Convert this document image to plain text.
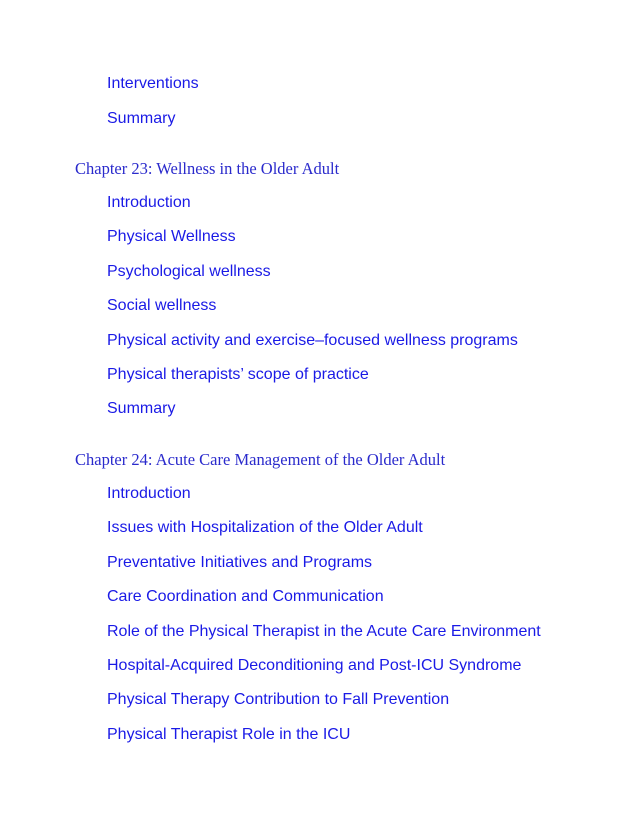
Interventions
Summary
Chapter 23: Wellness in the Older Adult
Introduction
Physical Wellness
Psychological wellness
Social wellness
Physical activity and exercise–focused wellness programs
Physical therapists’ scope of practice
Summary
Chapter 24: Acute Care Management of the Older Adult
Introduction
Issues with Hospitalization of the Older Adult
Preventative Initiatives and Programs
Care Coordination and Communication
Role of the Physical Therapist in the Acute Care Environment
Hospital-Acquired Deconditioning and Post-ICU Syndrome
Physical Therapy Contribution to Fall Prevention
Physical Therapist Role in the ICU
